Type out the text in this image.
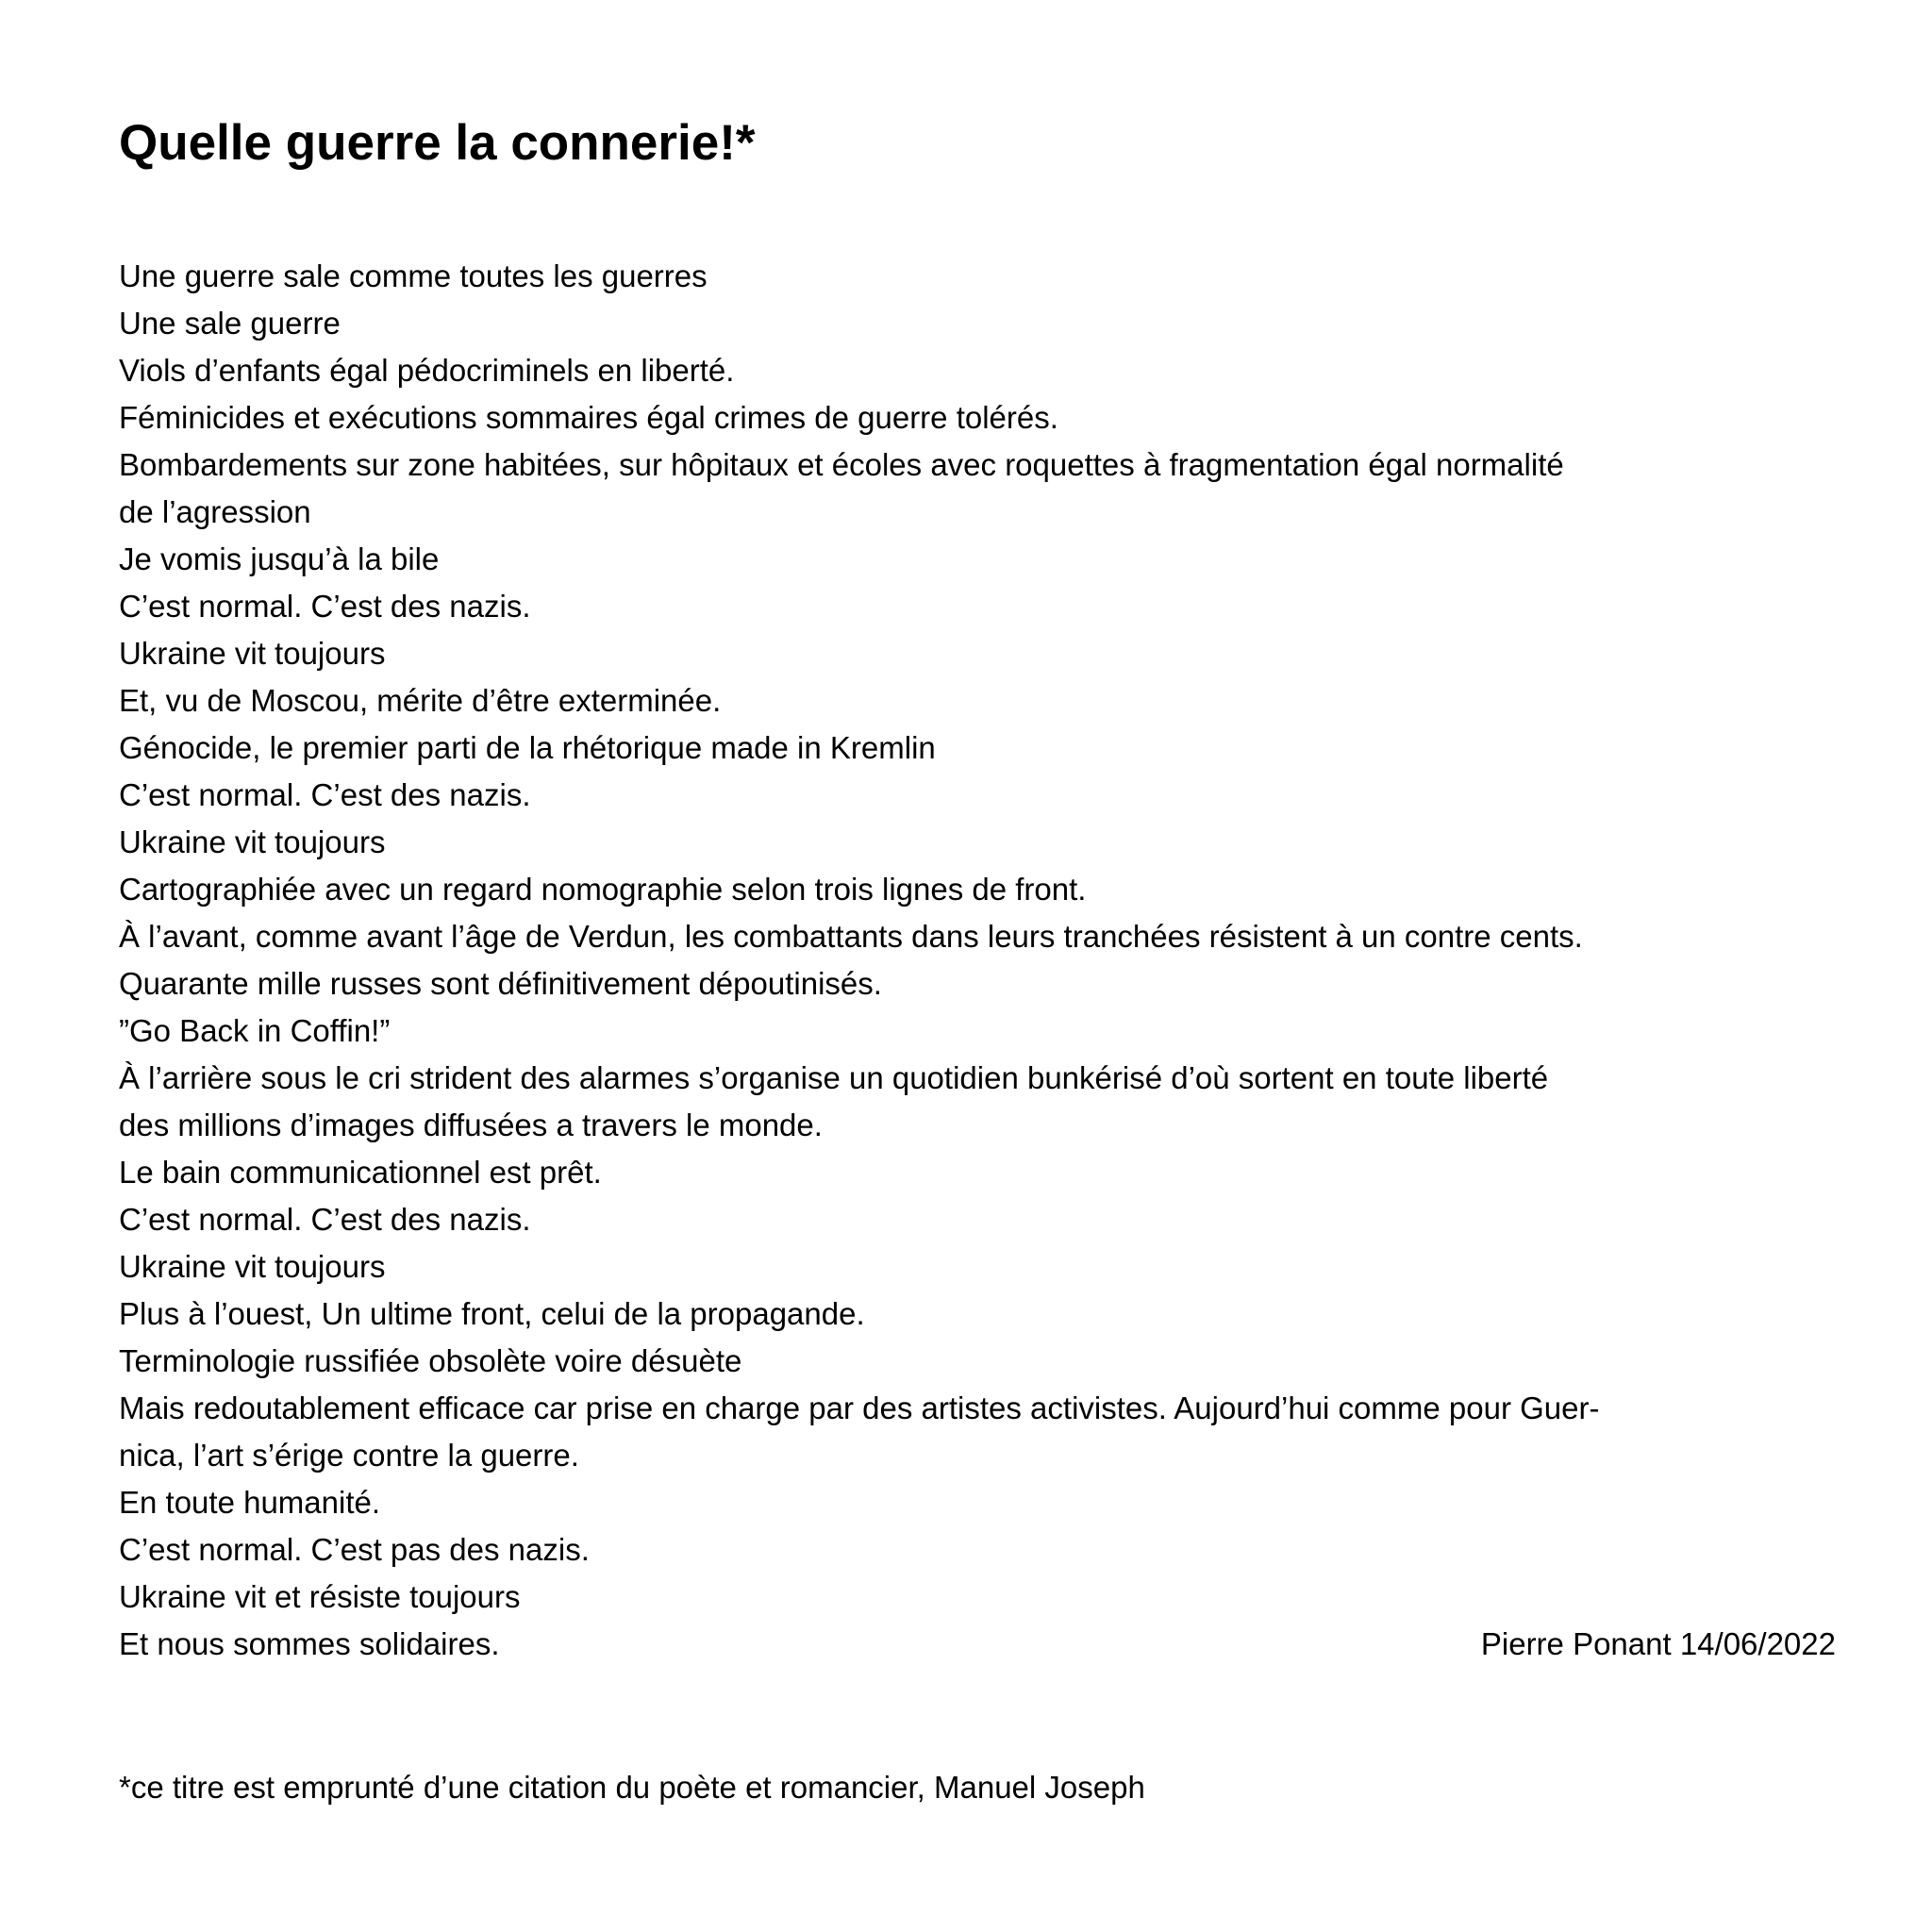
Quelle guerre la connerie!*
Une guerre sale comme toutes les guerres
Une sale guerre
Viols d’enfants égal pédocriminels en liberté.
Féminicides et exécutions sommaires égal crimes de guerre tolérés.
Bombardements sur zone habitées, sur hôpitaux et écoles avec roquettes à fragmentation égal normalité
de l’agression
Je vomis jusqu’à la bile
C’est normal. C’est des nazis.
Ukraine vit toujours
Et, vu de Moscou, mérite d’être exterminée.
Génocide, le premier parti de la rhétorique made in Kremlin
C’est normal. C’est des nazis.
Ukraine vit toujours
Cartographiée avec un regard nomographie selon trois lignes de front.
À l’avant, comme avant l’âge de Verdun, les combattants dans leurs tranchées résistent à un contre cents.
Quarante mille russes sont définitivement dépoutinisés.
”Go Back in Coffin!”
À l’arrière sous le cri strident des alarmes s’organise un quotidien bunkérisé d’où sortent en toute liberté
des millions d’images diffusées a travers le monde.
Le bain communicationnel est prêt.
C’est normal. C’est des nazis.
Ukraine vit toujours
Plus à l’ouest, Un ultime front, celui de la propagande.
Terminologie russifiée obsolète voire désuète
Mais redoutablement efficace car prise en charge par des artistes activistes. Aujourd’hui comme pour Guer-
nica, l’art s’érige contre la guerre.
En toute humanité.
C’est normal. C’est pas des nazis.
Ukraine vit et résiste toujours
Et nous sommes solidaires.	Pierre Ponant 14/06/2022
*ce titre est emprunté d’une citation du poète et romancier, Manuel Joseph
